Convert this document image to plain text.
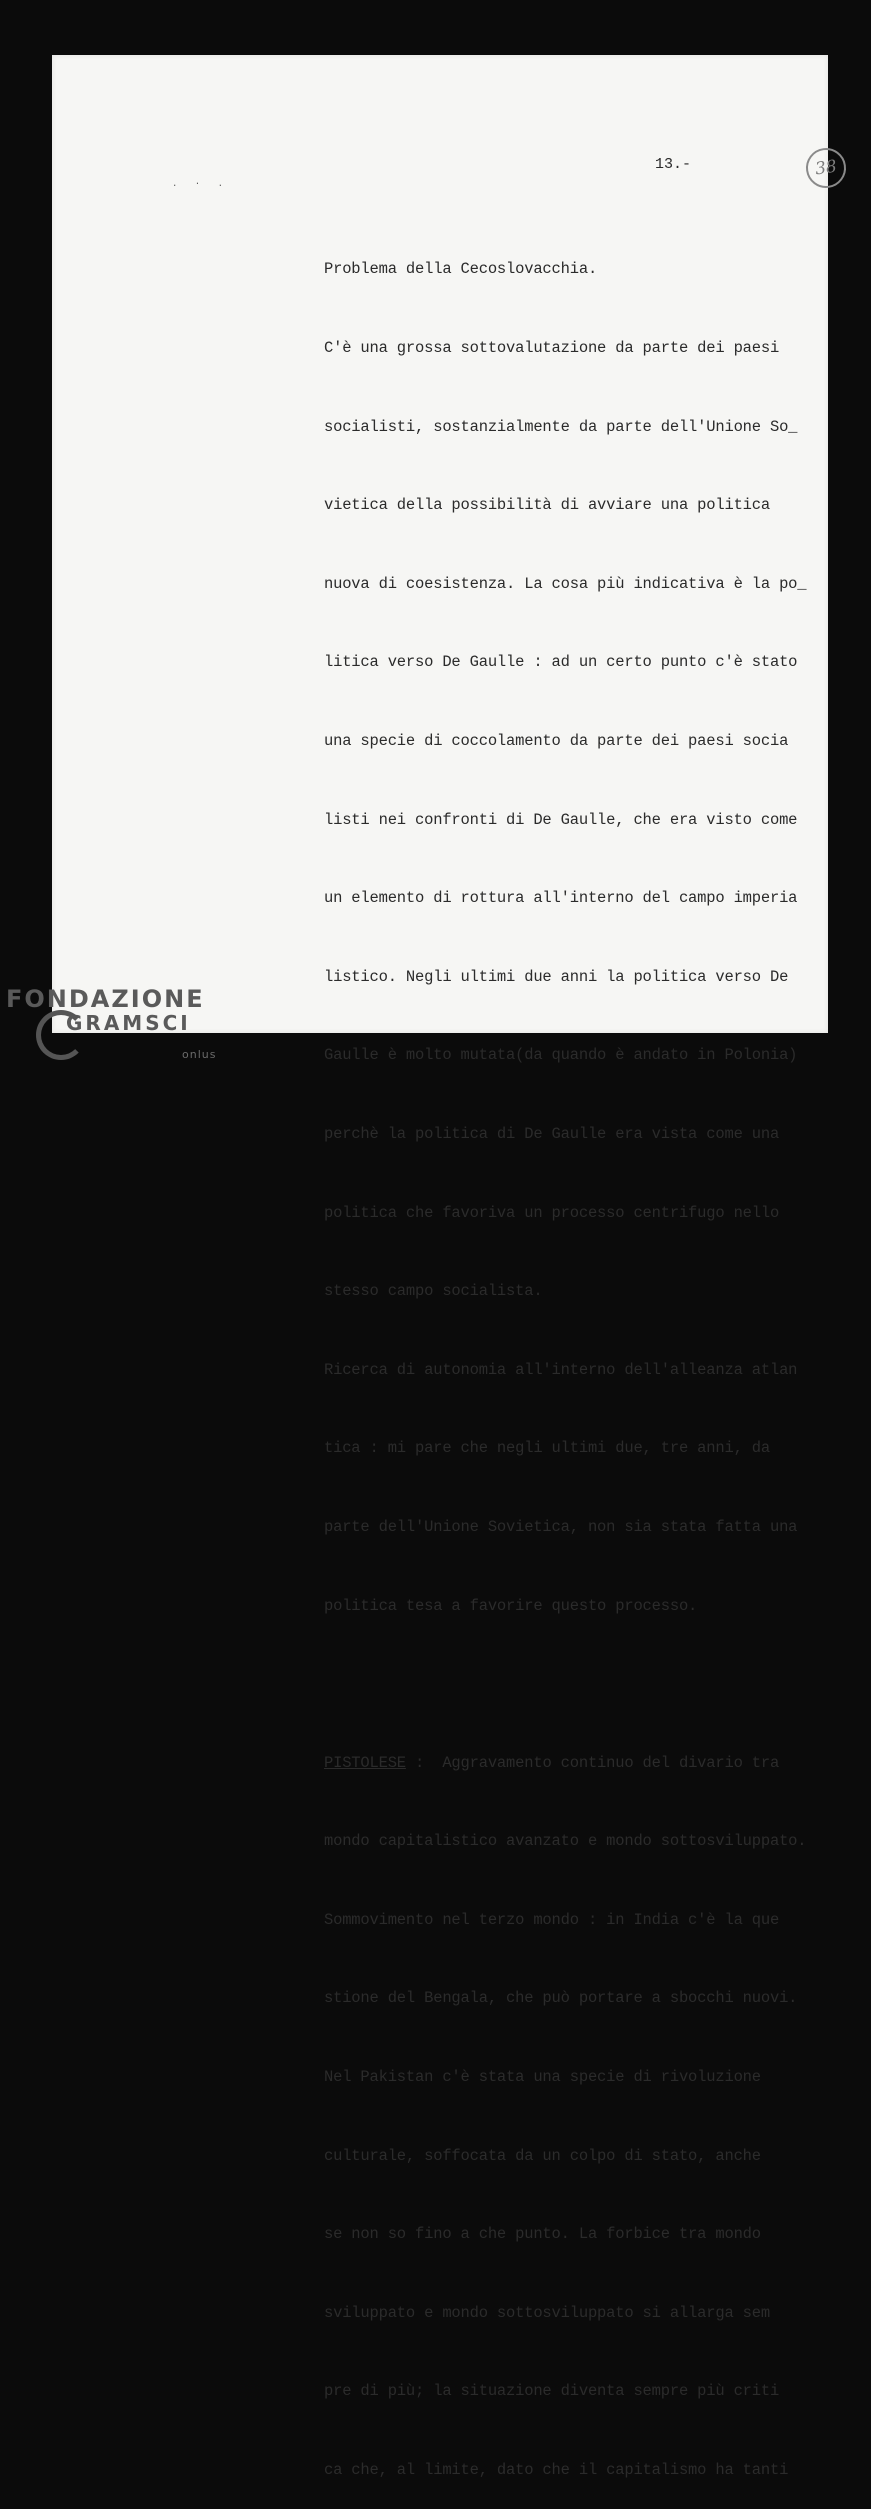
. · .
38
13.-

Problema della Cecoslovacchia.

C'è una grossa sottovalutazione da parte dei paesi

socialisti, sostanzialmente da parte dell'Unione So_

vietica della possibilità di avviare una politica

nuova di coesistenza. La cosa più indicativa è la po_

litica verso De Gaulle : ad un certo punto c'è stato

una specie di coccolamento da parte dei paesi socia

listi nei confronti di De Gaulle, che era visto come

un elemento di rottura all'interno del campo imperia

listico. Negli ultimi due anni la politica verso De

Gaulle è molto mutata(da quando è andato in Polonia)

perchè la politica di De Gaulle era vista come una

politica che favoriva un processo centrifugo nello

stesso campo socialista.

Ricerca di autonomia all'interno dell'alleanza atlan

tica : mi pare che negli ultimi due, tre anni, da

parte dell'Unione Sovietica, non sia stata fatta una

politica tesa a favorire questo processo.

PISTOLESE :  Aggravamento continuo del divario tra

mondo capitalistico avanzato e mondo sottosviluppato.

Sommovimento nel terzo mondo : in India c'è la que

stione del Bengala, che può portare a sbocchi nuovi.

Nel Pakistan c'è stata una specie di rivoluzione

culturale, soffocata da un colpo di stato, anche

se non so fino a che punto. La forbice tra mondo

sviluppato e mondo sottosviluppato si allarga sem

pre di più; la situazione diventa sempre più criti

ca che, al limite, dato che il capitalismo ha tanti

FONDAZIONE
GRAMSCI
onlus
